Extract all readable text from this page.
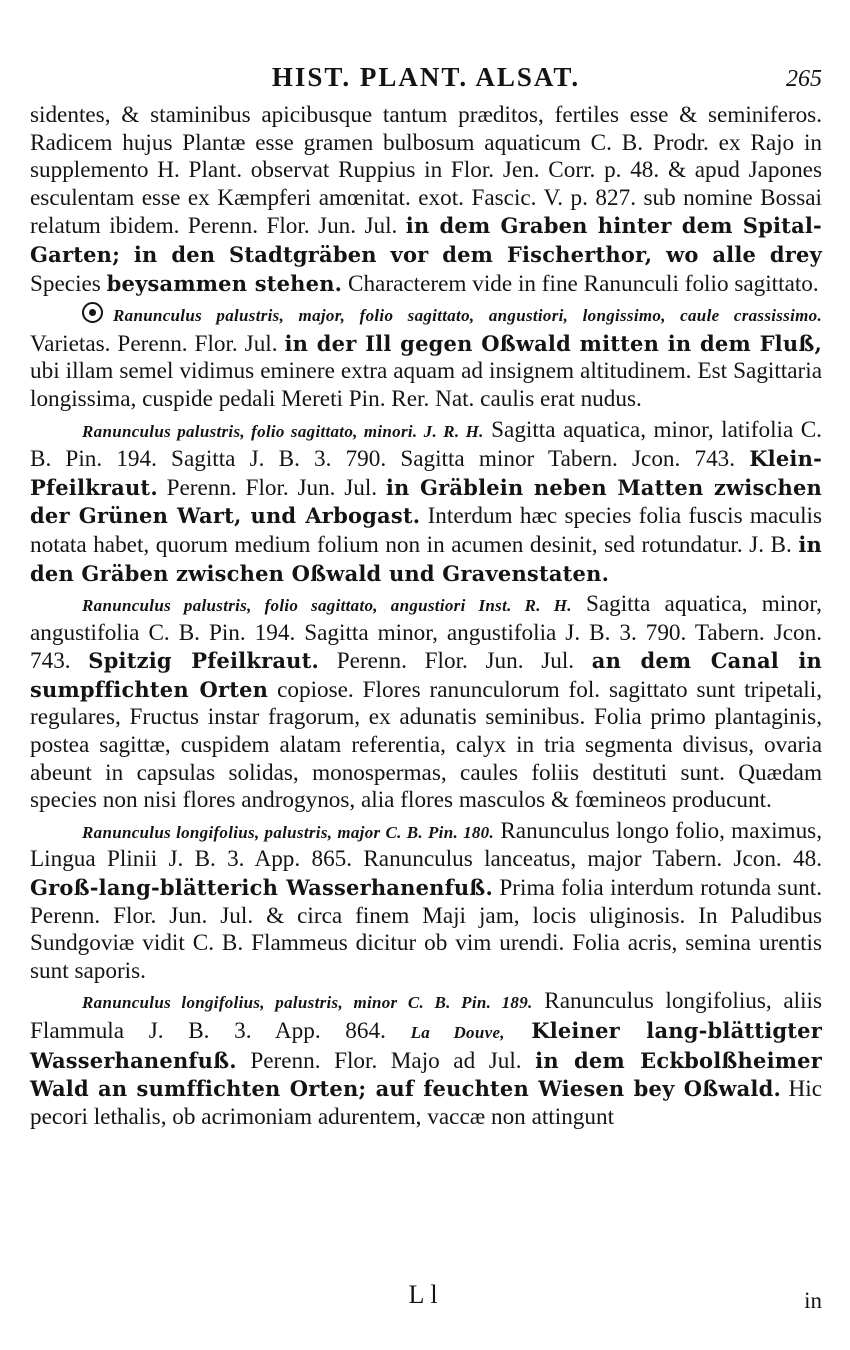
HIST. PLANT. ALSAT.	265

sidentes, & staminibus apicibusque tantum præditos, fertiles esse & seminiferos. Radicem hujus Plantæ esse gramen bulbosum aquaticum C. B. Prodr. ex Rajo in supplemento H. Plant. observat Ruppius in Flor. Jen. Corr. p. 48. & apud Japones esculentam esse ex Kæmpferi amœnitat. exot. Fascic. V. p. 827. sub nomine Bossai relatum ibidem. Perenn. Flor. Jun. Jul. in dem Graben hinter dem Spital-Garten; in den Stadtgräben vor dem Fischerthor, wo alle drey Species beysammen stehen. Characterem vide in fine Ranunculi folio sagittato.

Ranunculus palustris, major, folio sagittato, angustiori, longissimo, caule crassissimo. Varietas. Perenn. Flor. Jul. in der Ill gegen Oßwald mitten in dem Fluß, ubi illam semel vidimus eminere extra aquam ad insignem altitudinem. Est Sagittaria longissima, cuspide pedali Mereti Pin. Rer. Nat. caulis erat nudus.

Ranunculus palustris, folio sagittato, minori. J. R. H. Sagitta aquatica, minor, latifolia C. B. Pin. 194. Sagitta J. B. 3. 790. Sagitta minor Tabern. Jcon. 743. Klein-Pfeilkraut. Perenn. Flor. Jun. Jul. in Gräblein neben Matten zwischen der Grünen Wart, und Arbogast. Interdum hæc species folia fuscis maculis notata habet, quorum medium folium non in acumen desinit, sed rotundatur. J. B. in den Gräben zwischen Oßwald und Gravenstaten.

Ranunculus palustris, folio sagittato, angustiori Inst. R. H. Sagitta aquatica, minor, angustifolia C. B. Pin. 194. Sagitta minor, angustifolia J. B. 3. 790. Tabern. Jcon. 743. Spitzig Pfeilkraut. Perenn. Flor. Jun. Jul. an dem Canal in sumpffichten Orten copiose. Flores ranunculorum fol. sagittato sunt tripetali, regulares, Fructus instar fragorum, ex adunatis seminibus. Folia primo plantaginis, postea sagittæ, cuspidem alatam referentia, calyx in tria segmenta divisus, ovaria abeunt in capsulas solidas, monospermas, caules foliis destituti sunt. Quædam species non nisi flores androgynos, alia flores masculos & fœmineos producunt.

Ranunculus longifolius, palustris, major C. B. Pin. 180. Ranunculus longo folio, maximus, Lingua Plinii J. B. 3. App. 865. Ranunculus lanceatus, major Tabern. Jcon. 48. Groß-lang-blätterich Wasserhanenfuß. Prima folia interdum rotunda sunt. Perenn. Flor. Jun. Jul. & circa finem Maji jam, locis uliginosis. In Paludibus Sundgoviæ vidit C. B. Flammeus dicitur ob vim urendi. Folia acris, semina urentis sunt saporis.

Ranunculus longifolius, palustris, minor C. B. Pin. 189. Ranunculus longifolius, aliis Flammula J. B. 3. App. 864. La Douve, Kleiner lang-blättigter Wasserhanenfuß. Perenn. Flor. Majo ad Jul. in dem Eckbolßheimer Wald an sumffichten Orten; auf feuchten Wiesen bey Oßwald. Hic pecori lethalis, ob acrimoniam adurentem, vaccæ non attingunt

Ll	in
